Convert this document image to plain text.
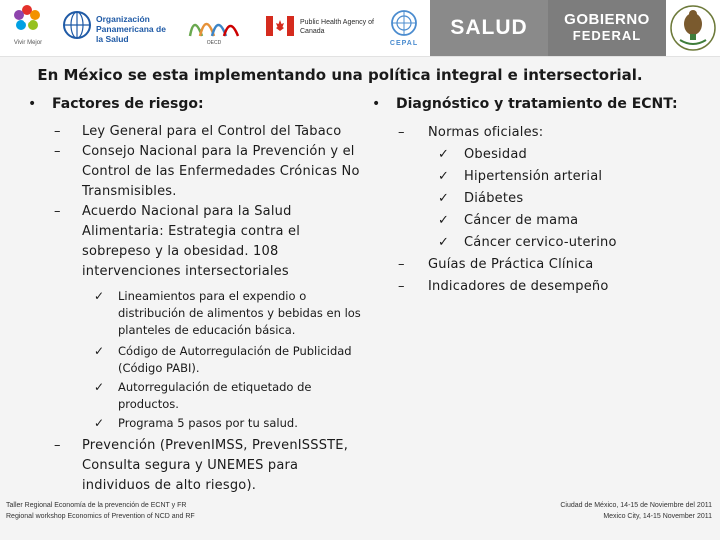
Vivir Mejor
Organización Panamericana de la Salud	OECD
Public Health Agency of Canada
CEPAL
SALUD GOBIERNO
FEDERAL
En México se esta implementando una política integral e intersectorial.
• Factores de riesgo:
– Ley General para el Control del Tabaco
– Consejo Nacional para la Prevención y el Control de las Enfermedades Crónicas No Transmisibles.
– Acuerdo Nacional para la Salud Alimentaria: Estrategia contra el sobrepeso y la obesidad. 108 intervenciones intersectoriales
✓ Lineamientos para el expendio o distribución de alimentos y bebidas en los planteles de educación básica.
✓ Código de Autorregulación de Publicidad (Código PABI).
✓ Autorregulación de etiquetado de productos.
✓ Programa 5 pasos por tu salud.
– Prevención (PrevenIMSS, PrevenISSSTE, Consulta segura y UNEMES para individuos de alto riesgo).
• Diagnóstico y tratamiento de ECNT:
– Normas oficiales:
✓ Obesidad
✓ Hipertensión arterial
✓ Diábetes
✓ Cáncer de mama
✓ Cáncer cervico-uterino
– Guías de Práctica Clínica
– Indicadores de desempeño
Taller Regional Economía de la prevención de ECNT y FR
Regional workshop Economics of Prevention of NCD and RF
Ciudad de México, 14-15 de Noviembre del 2011
Mexico City, 14-15 November 2011
